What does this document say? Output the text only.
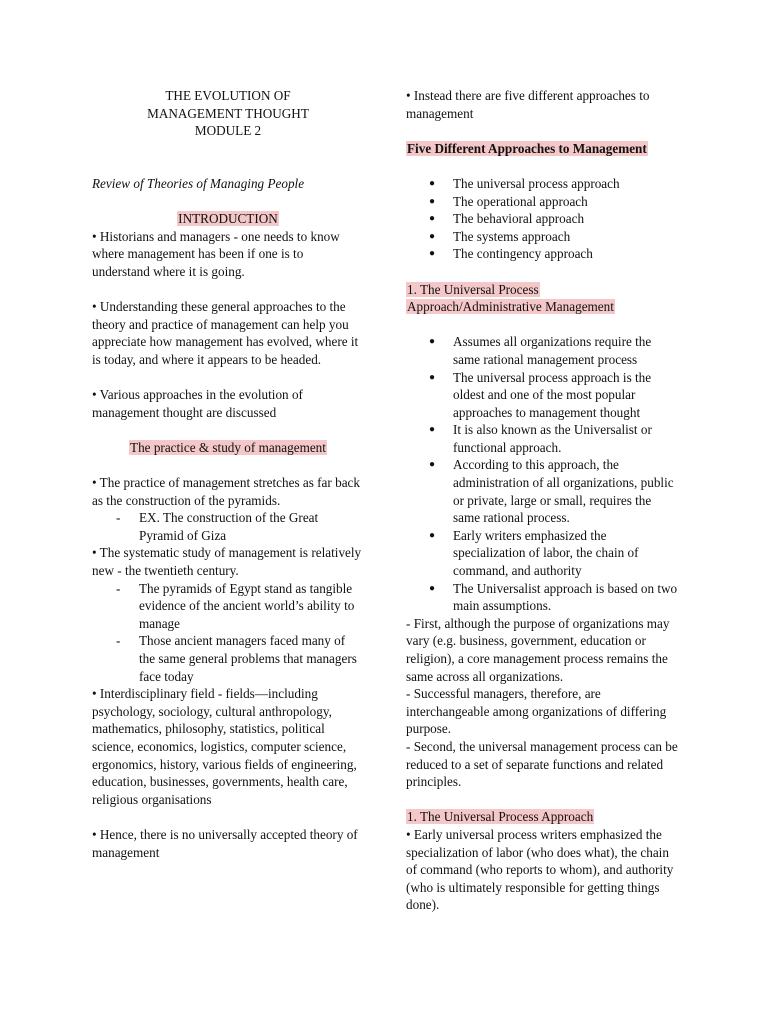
THE EVOLUTION OF
MANAGEMENT THOUGHT
MODULE 2

Review of Theories of Managing People

INTRODUCTION

• Historians and managers - one needs to know where management has been if one is to understand where it is going.

• Understanding these general approaches to the theory and practice of management can help you appreciate how management has evolved, where it is today, and where it appears to be headed.

• Various approaches in the evolution of management thought are discussed

The practice & study of management

• The practice of management stretches as far back as the construction of the pyramids.

- EX. The construction of the Great Pyramid of Giza

• The systematic study of management is relatively new - the twentieth century.

- The pyramids of Egypt stand as tangible evidence of the ancient world’s ability to manage
- Those ancient managers faced many of the same general problems that managers face today

• Interdisciplinary field - fields—including psychology, sociology, cultural anthropology, mathematics, philosophy, statistics, political science, economics, logistics, computer science, ergonomics, history, various fields of engineering, education, businesses, governments, health care, religious organisations

• Hence, there is no universally accepted theory of management

• Instead there are five different approaches to management

Five Different Approaches to Management

● The universal process approach
● The operational approach
● The behavioral approach
● The systems approach
● The contingency approach
1. The Universal Process
Approach/Administrative Management
● Assumes all organizations require the same rational management process
● The universal process approach is the oldest and one of the most popular approaches to management thought
● It is also known as the Universalist or functional approach.
● According to this approach, the administration of all organizations, public or private, large or small, requires the same rational process.
● Early writers emphasized the specialization of labor, the chain of command, and authority
● The Universalist approach is based on two main assumptions.

- First, although the purpose of organizations may vary (e.g. business, government, education or religion), a core management process remains the same across all organizations.

- Successful managers, therefore, are interchangeable among organizations of differing purpose.

- Second, the universal management process can be reduced to a set of separate functions and related principles.

1. The Universal Process Approach

• Early universal process writers emphasized the specialization of labor (who does what), the chain of command (who reports to whom), and authority (who is ultimately responsible for getting things done).
